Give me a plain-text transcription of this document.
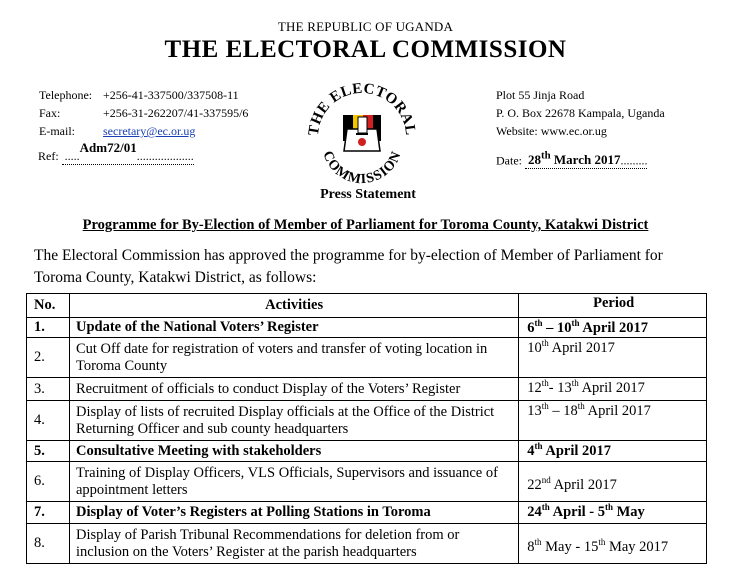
THE REPUBLIC OF UGANDA
THE ELECTORAL COMMISSION
Telephone: +256-41-337500/337508-11
Fax:	+256-31-262207/41-337595/6
E-mail:	secretary@ec.or.ug
Plot 55 Jinja Road
P. O. Box 22678 Kampala, Uganda
Website: www.ec.or.ug
THE ELECTORAL
COMMISSION
Ref:  .....Adm72/01...................	Date: 28th March 2017.........
Press Statement
Programme for By-Election of Member of Parliament for Toroma County, Katakwi District
The Electoral Commission has approved the programme for by-election of Member of Parliament for Toroma County, Katakwi District, as follows:
No.	Activities	Period
1.	Update of the National Voters’ Register	6th – 10th April 2017
2.	Cut Off date for registration of voters and transfer of voting location in Toroma County	10th April 2017
3.	Recruitment of officials to conduct Display of the Voters’ Register	12th- 13th April 2017
4.	Display of lists of recruited Display officials at the Office of the District Returning Officer and sub county headquarters	13th – 18th April 2017
5.	Consultative Meeting with stakeholders	4th April 2017
6.	Training of Display Officers, VLS Officials, Supervisors and issuance of appointment letters	22nd April 2017
7.	Display of Voter’s Registers at Polling Stations in Toroma	24th April - 5th May
8.	Display of Parish Tribunal Recommendations for deletion from or inclusion on the Voters’ Register at the parish headquarters	8th May - 15th May 2017
